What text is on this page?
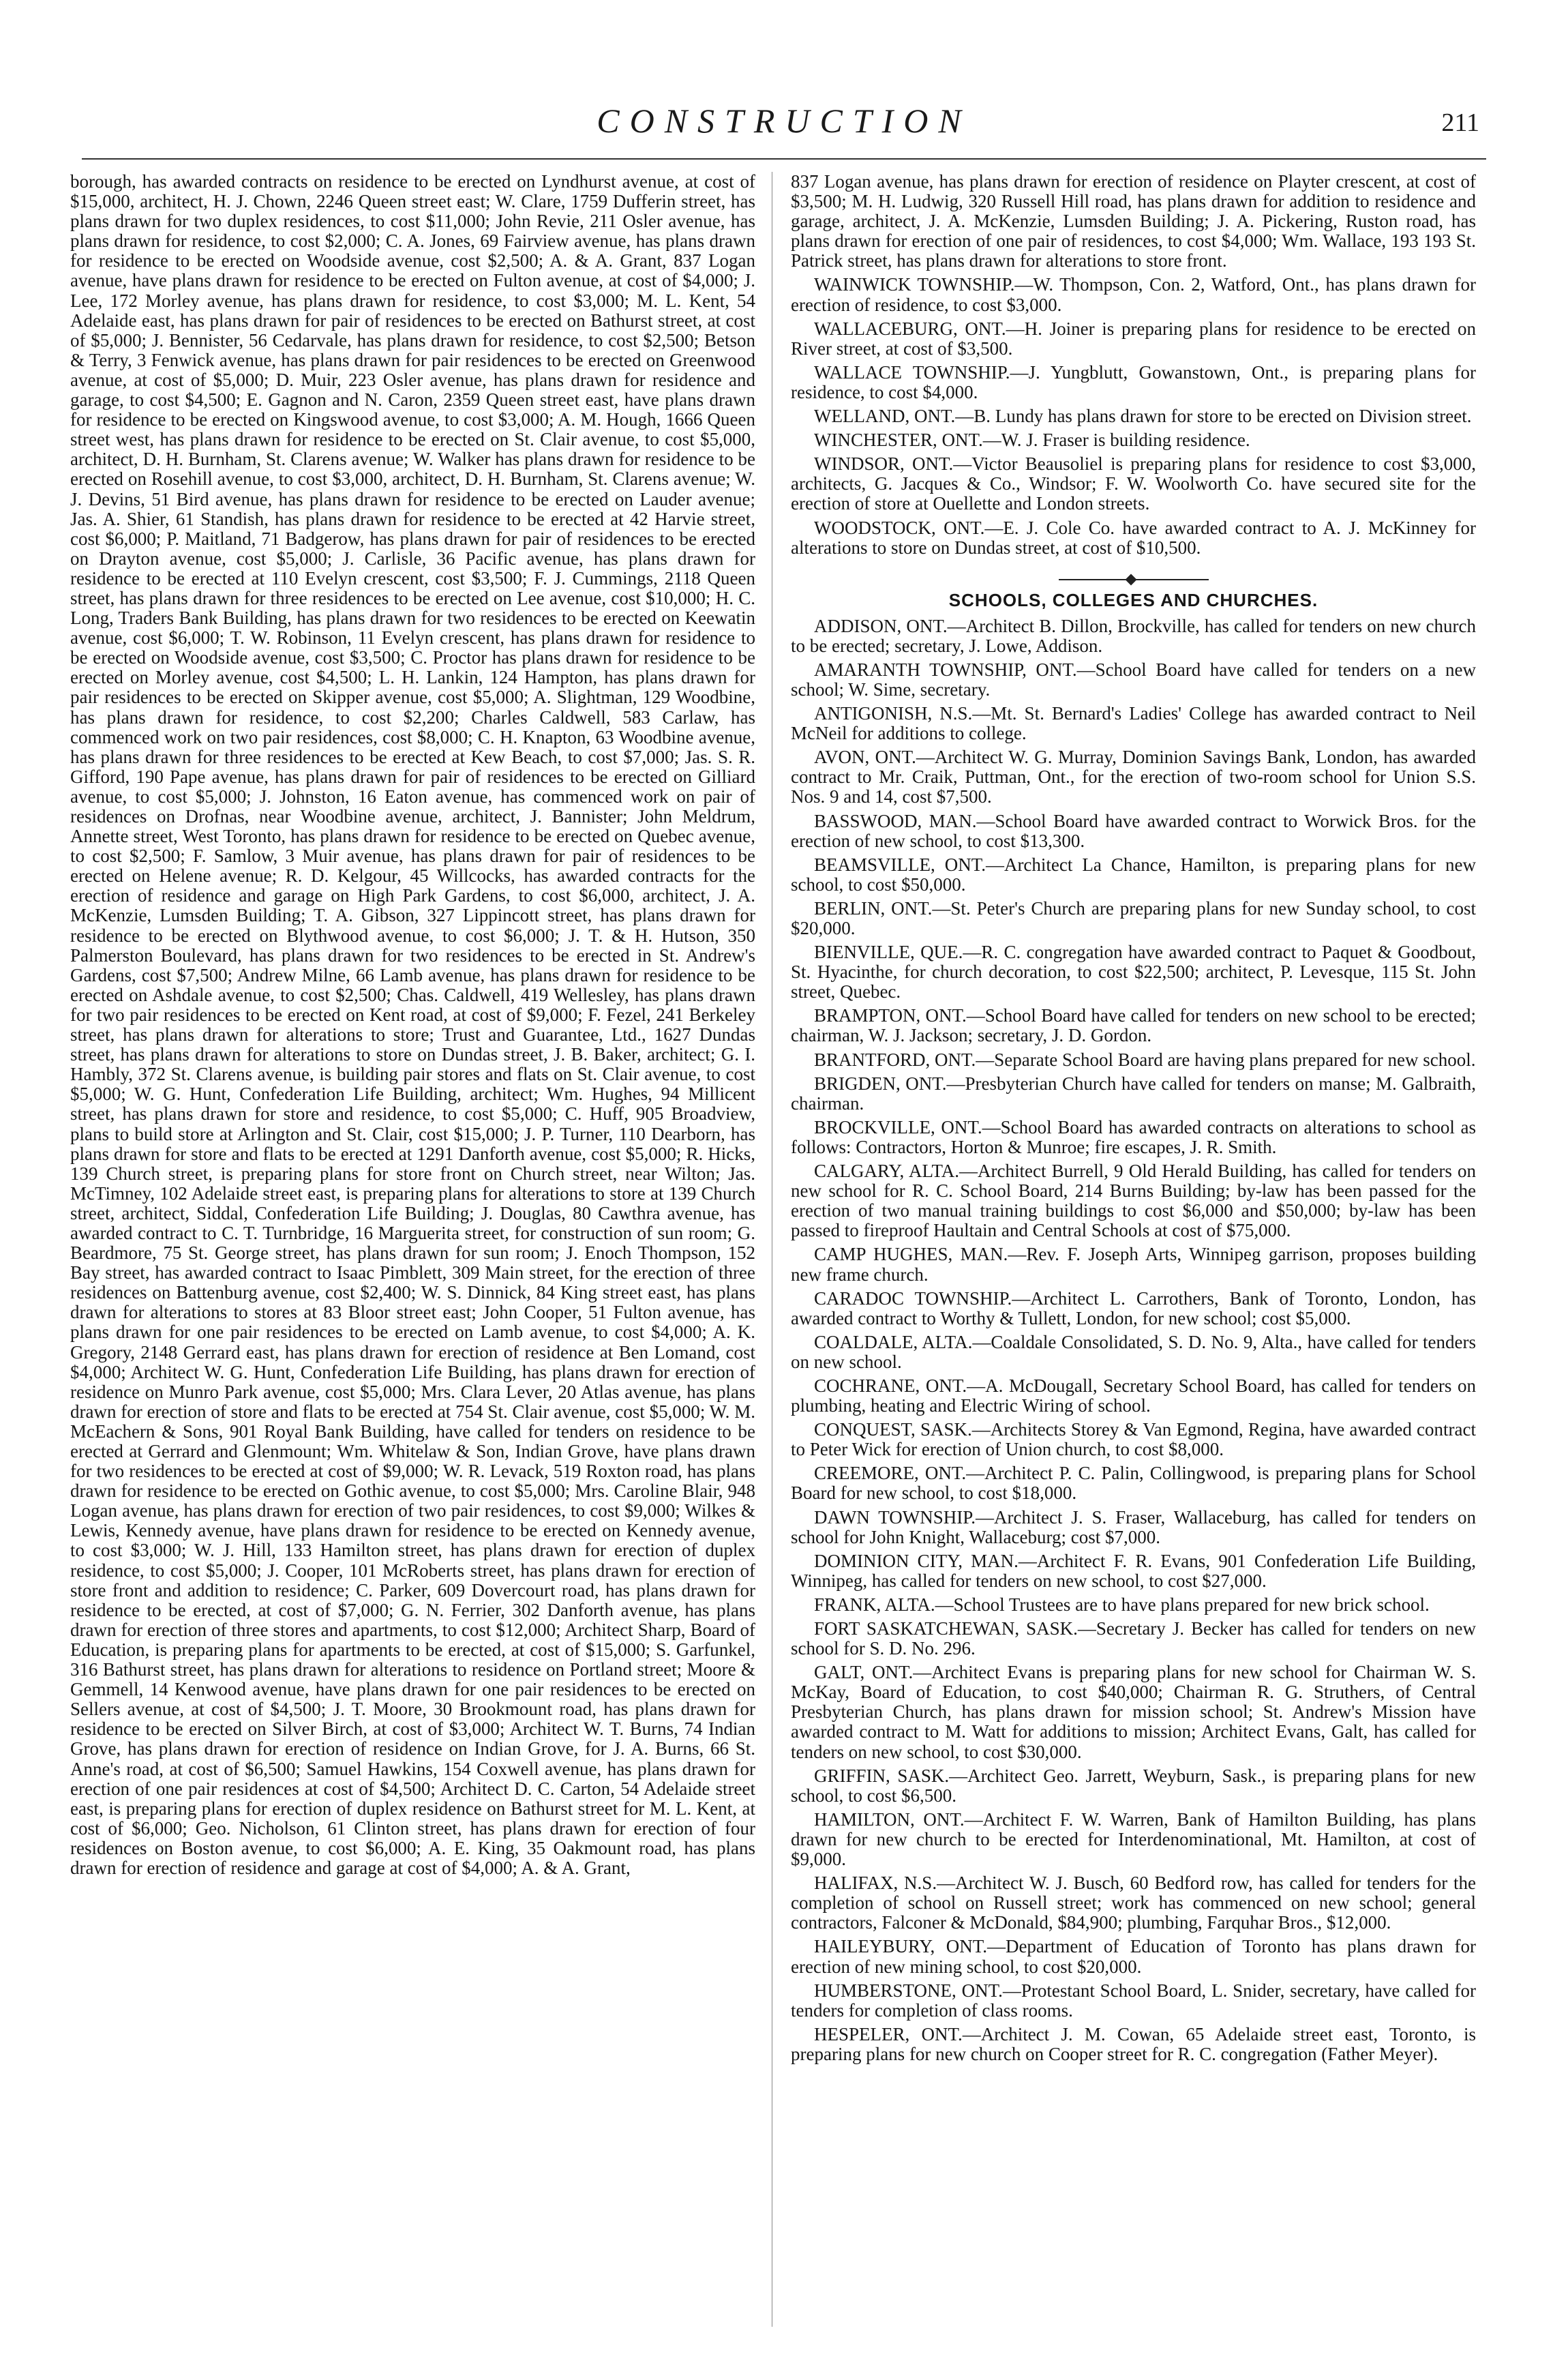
CONSTRUCTION	211

borough, has awarded contracts on residence to be erected on Lyndhurst avenue, at cost of $15,000, architect, H. J. Chown, 2246 Queen street east; W. Clare, 1759 Dufferin street, has plans drawn for two duplex residences, to cost $11,000; John Revie, 211 Osler avenue, has plans drawn for residence, to cost $2,000; C. A. Jones, 69 Fairview avenue, has plans drawn for residence to be erected on Woodside avenue, cost $2,500; A. & A. Grant, 837 Logan avenue, have plans drawn for residence to be erected on Fulton avenue, at cost of $4,000; J. Lee, 172 Morley avenue, has plans drawn for residence, to cost $3,000; M. L. Kent, 54 Adelaide east, has plans drawn for pair of residences to be erected on Bathurst street, at cost of $5,000; J. Bennister, 56 Cedarvale, has plans drawn for residence, to cost $2,500; Betson & Terry, 3 Fenwick avenue, has plans drawn for pair residences to be erected on Greenwood avenue, at cost of $5,000; D. Muir, 223 Osler avenue, has plans drawn for residence and garage, to cost $4,500; E. Gagnon and N. Caron, 2359 Queen street east, have plans drawn for residence to be erected on Kingswood avenue, to cost $3,000; A. M. Hough, 1666 Queen street west, has plans drawn for residence to be erected on St. Clair avenue, to cost $5,000, architect, D. H. Burnham, St. Clarens avenue; W. Walker has plans drawn for residence to be erected on Rosehill avenue, to cost $3,000, architect, D. H. Burnham, St. Clarens avenue; W. J. Devins, 51 Bird avenue, has plans drawn for residence to be erected on Lauder avenue; Jas. A. Shier, 61 Standish, has plans drawn for residence to be erected at 42 Harvie street, cost $6,000; P. Maitland, 71 Badgerow, has plans drawn for pair of residences to be erected on Drayton avenue, cost $5,000; J. Carlisle, 36 Pacific avenue, has plans drawn for residence to be erected at 110 Evelyn crescent, cost $3,500; F. J. Cummings, 2118 Queen street, has plans drawn for three residences to be erected on Lee avenue, cost $10,000; H. C. Long, Traders Bank Building, has plans drawn for two residences to be erected on Keewatin avenue, cost $6,000; T. W. Robinson, 11 Evelyn crescent, has plans drawn for residence to be erected on Woodside avenue, cost $3,500; C. Proctor has plans drawn for residence to be erected on Morley avenue, cost $4,500; L. H. Lankin, 124 Hampton, has plans drawn for pair residences to be erected on Skipper avenue, cost $5,000; A. Slightman, 129 Woodbine, has plans drawn for residence, to cost $2,200; Charles Caldwell, 583 Carlaw, has commenced work on two pair residences, cost $8,000; C. H. Knapton, 63 Woodbine avenue, has plans drawn for three residences to be erected at Kew Beach, to cost $7,000; Jas. S. R. Gifford, 190 Pape avenue, has plans drawn for pair of residences to be erected on Gilliard avenue, to cost $5,000; J. Johnston, 16 Eaton avenue, has commenced work on pair of residences on Drofnas, near Woodbine avenue, architect, J. Bannister; John Meldrum, Annette street, West Toronto, has plans drawn for residence to be erected on Quebec avenue, to cost $2,500; F. Samlow, 3 Muir avenue, has plans drawn for pair of residences to be erected on Helene avenue; R. D. Kelgour, 45 Willcocks, has awarded contracts for the erection of residence and garage on High Park Gardens, to cost $6,000, architect, J. A. McKenzie, Lumsden Building; T. A. Gibson, 327 Lippincott street, has plans drawn for residence to be erected on Blythwood avenue, to cost $6,000; J. T. & H. Hutson, 350 Palmerston Boulevard, has plans drawn for two residences to be erected in St. Andrew's Gardens, cost $7,500; Andrew Milne, 66 Lamb avenue, has plans drawn for residence to be erected on Ashdale avenue, to cost $2,500; Chas. Caldwell, 419 Wellesley, has plans drawn for two pair residences to be erected on Kent road, at cost of $9,000; F. Fezel, 241 Berkeley street, has plans drawn for alterations to store; Trust and Guarantee, Ltd., 1627 Dundas street, has plans drawn for alterations to store on Dundas street, J. B. Baker, architect; G. I. Hambly, 372 St. Clarens avenue, is building pair stores and flats on St. Clair avenue, to cost $5,000; W. G. Hunt, Confederation Life Building, architect; Wm. Hughes, 94 Millicent street, has plans drawn for store and residence, to cost $5,000; C. Huff, 905 Broadview, plans to build store at Arlington and St. Clair, cost $15,000; J. P. Turner, 110 Dearborn, has plans drawn for store and flats to be erected at 1291 Danforth avenue, cost $5,000; R. Hicks, 139 Church street, is preparing plans for store front on Church street, near Wilton; Jas. McTimney, 102 Adelaide street east, is preparing plans for alterations to store at 139 Church street, architect, Siddal, Confederation Life Building; J. Douglas, 80 Cawthra avenue, has awarded contract to C. T. Turnbridge, 16 Marguerita street, for construction of sun room; G. Beardmore, 75 St. George street, has plans drawn for sun room; J. Enoch Thompson, 152 Bay street, has awarded contract to Isaac Pimblett, 309 Main street, for the erection of three residences on Battenburg avenue, cost $2,400; W. S. Dinnick, 84 King street east, has plans drawn for alterations to stores at 83 Bloor street east; John Cooper, 51 Fulton avenue, has plans drawn for one pair residences to be erected on Lamb avenue, to cost $4,000; A. K. Gregory, 2148 Gerrard east, has plans drawn for erection of residence at Ben Lomand, cost $4,000; Architect W. G. Hunt, Confederation Life Building, has plans drawn for erection of residence on Munro Park avenue, cost $5,000; Mrs. Clara Lever, 20 Atlas avenue, has plans drawn for erection of store and flats to be erected at 754 St. Clair avenue, cost $5,000; W. M. McEachern & Sons, 901 Royal Bank Building, have called for tenders on residence to be erected at Gerrard and Glenmount; Wm. Whitelaw & Son, Indian Grove, have plans drawn for two residences to be erected at cost of $9,000; W. R. Levack, 519 Roxton road, has plans drawn for residence to be erected on Gothic avenue, to cost $5,000; Mrs. Caroline Blair, 948 Logan avenue, has plans drawn for erection of two pair residences, to cost $9,000; Wilkes & Lewis, Kennedy avenue, have plans drawn for residence to be erected on Kennedy avenue, to cost $3,000; W. J. Hill, 133 Hamilton street, has plans drawn for erection of duplex residence, to cost $5,000; J. Cooper, 101 McRoberts street, has plans drawn for erection of store front and addition to residence; C. Parker, 609 Dovercourt road, has plans drawn for residence to be erected, at cost of $7,000; G. N. Ferrier, 302 Danforth avenue, has plans drawn for erection of three stores and apartments, to cost $12,000; Architect Sharp, Board of Education, is preparing plans for apartments to be erected, at cost of $15,000; S. Garfunkel, 316 Bathurst street, has plans drawn for alterations to residence on Portland street; Moore & Gemmell, 14 Kenwood avenue, have plans drawn for one pair residences to be erected on Sellers avenue, at cost of $4,500; J. T. Moore, 30 Brookmount road, has plans drawn for residence to be erected on Silver Birch, at cost of $3,000; Architect W. T. Burns, 74 Indian Grove, has plans drawn for erection of residence on Indian Grove, for J. A. Burns, 66 St. Anne's road, at cost of $6,500; Samuel Hawkins, 154 Coxwell avenue, has plans drawn for erection of one pair residences at cost of $4,500; Architect D. C. Carton, 54 Adelaide street east, is preparing plans for erection of duplex residence on Bathurst street for M. L. Kent, at cost of $6,000; Geo. Nicholson, 61 Clinton street, has plans drawn for erection of four residences on Boston avenue, to cost $6,000; A. E. King, 35 Oakmount road, has plans drawn for erection of residence and garage at cost of $4,000; A. & A. Grant,

837 Logan avenue, has plans drawn for erection of residence on Playter crescent, at cost of $3,500; M. H. Ludwig, 320 Russell Hill road, has plans drawn for addition to residence and garage, architect, J. A. McKenzie, Lumsden Building; J. A. Pickering, Ruston road, has plans drawn for erection of one pair of residences, to cost $4,000; Wm. Wallace, 193 193 St. Patrick street, has plans drawn for alterations to store front.

WAINWICK TOWNSHIP.—W. Thompson, Con. 2, Watford, Ont., has plans drawn for erection of residence, to cost $3,000.

WALLACEBURG, ONT.—H. Joiner is preparing plans for residence to be erected on River street, at cost of $3,500.

WALLACE TOWNSHIP.—J. Yungblutt, Gowanstown, Ont., is preparing plans for residence, to cost $4,000.

WELLAND, ONT.—B. Lundy has plans drawn for store to be erected on Division street.

WINCHESTER, ONT.—W. J. Fraser is building residence.

WINDSOR, ONT.—Victor Beausoliel is preparing plans for residence to cost $3,000, architects, G. Jacques & Co., Windsor; F. W. Woolworth Co. have secured site for the erection of store at Ouellette and London streets.

WOODSTOCK, ONT.—E. J. Cole Co. have awarded contract to A. J. McKinney for alterations to store on Dundas street, at cost of $10,500.

SCHOOLS, COLLEGES AND CHURCHES.

ADDISON, ONT.—Architect B. Dillon, Brockville, has called for tenders on new church to be erected; secretary, J. Lowe, Addison.

AMARANTH TOWNSHIP, ONT.—School Board have called for tenders on a new school; W. Sime, secretary.

ANTIGONISH, N.S.—Mt. St. Bernard's Ladies' College has awarded contract to Neil McNeil for additions to college.

AVON, ONT.—Architect W. G. Murray, Dominion Savings Bank, London, has awarded contract to Mr. Craik, Puttman, Ont., for the erection of two-room school for Union S.S. Nos. 9 and 14, cost $7,500.

BASSWOOD, MAN.—School Board have awarded contract to Worwick Bros. for the erection of new school, to cost $13,300.

BEAMSVILLE, ONT.—Architect La Chance, Hamilton, is preparing plans for new school, to cost $50,000.

BERLIN, ONT.—St. Peter's Church are preparing plans for new Sunday school, to cost $20,000.

BIENVILLE, QUE.—R. C. congregation have awarded contract to Paquet & Goodbout, St. Hyacinthe, for church decoration, to cost $22,500; architect, P. Levesque, 115 St. John street, Quebec.

BRAMPTON, ONT.—School Board have called for tenders on new school to be erected; chairman, W. J. Jackson; secretary, J. D. Gordon.

BRANTFORD, ONT.—Separate School Board are having plans prepared for new school.

BRIGDEN, ONT.—Presbyterian Church have called for tenders on manse; M. Galbraith, chairman.

BROCKVILLE, ONT.—School Board has awarded contracts on alterations to school as follows: Contractors, Horton & Munroe; fire escapes, J. R. Smith.

CALGARY, ALTA.—Architect Burrell, 9 Old Herald Building, has called for tenders on new school for R. C. School Board, 214 Burns Building; by-law has been passed for the erection of two manual training buildings to cost $6,000 and $50,000; by-law has been passed to fireproof Haultain and Central Schools at cost of $75,000.

CAMP HUGHES, MAN.—Rev. F. Joseph Arts, Winnipeg garrison, proposes building new frame church.

CARADOC TOWNSHIP.—Architect L. Carrothers, Bank of Toronto, London, has awarded contract to Worthy & Tullett, London, for new school; cost $5,000.

COALDALE, ALTA.—Coaldale Consolidated, S. D. No. 9, Alta., have called for tenders on new school.

COCHRANE, ONT.—A. McDougall, Secretary School Board, has called for tenders on plumbing, heating and Electric Wiring of school.

CONQUEST, SASK.—Architects Storey & Van Egmond, Regina, have awarded contract to Peter Wick for erection of Union church, to cost $8,000.

CREEMORE, ONT.—Architect P. C. Palin, Collingwood, is preparing plans for School Board for new school, to cost $18,000.

DAWN TOWNSHIP.—Architect J. S. Fraser, Wallaceburg, has called for tenders on school for John Knight, Wallaceburg; cost $7,000.

DOMINION CITY, MAN.—Architect F. R. Evans, 901 Confederation Life Building, Winnipeg, has called for tenders on new school, to cost $27,000.

FRANK, ALTA.—School Trustees are to have plans prepared for new brick school.

FORT SASKATCHEWAN, SASK.—Secretary J. Becker has called for tenders on new school for S. D. No. 296.

GALT, ONT.—Architect Evans is preparing plans for new school for Chairman W. S. McKay, Board of Education, to cost $40,000; Chairman R. G. Struthers, of Central Presbyterian Church, has plans drawn for mission school; St. Andrew's Mission have awarded contract to M. Watt for additions to mission; Architect Evans, Galt, has called for tenders on new school, to cost $30,000.

GRIFFIN, SASK.—Architect Geo. Jarrett, Weyburn, Sask., is preparing plans for new school, to cost $6,500.

HAMILTON, ONT.—Architect F. W. Warren, Bank of Hamilton Building, has plans drawn for new church to be erected for Interdenominational, Mt. Hamilton, at cost of $9,000.

HALIFAX, N.S.—Architect W. J. Busch, 60 Bedford row, has called for tenders for the completion of school on Russell street; work has commenced on new school; general contractors, Falconer & McDonald, $84,900; plumbing, Farquhar Bros., $12,000.

HAILEYBURY, ONT.—Department of Education of Toronto has plans drawn for erection of new mining school, to cost $20,000.

HUMBERSTONE, ONT.—Protestant School Board, L. Snider, secretary, have called for tenders for completion of class rooms.

HESPELER, ONT.—Architect J. M. Cowan, 65 Adelaide street east, Toronto, is preparing plans for new church on Cooper street for R. C. congregation (Father Meyer).
